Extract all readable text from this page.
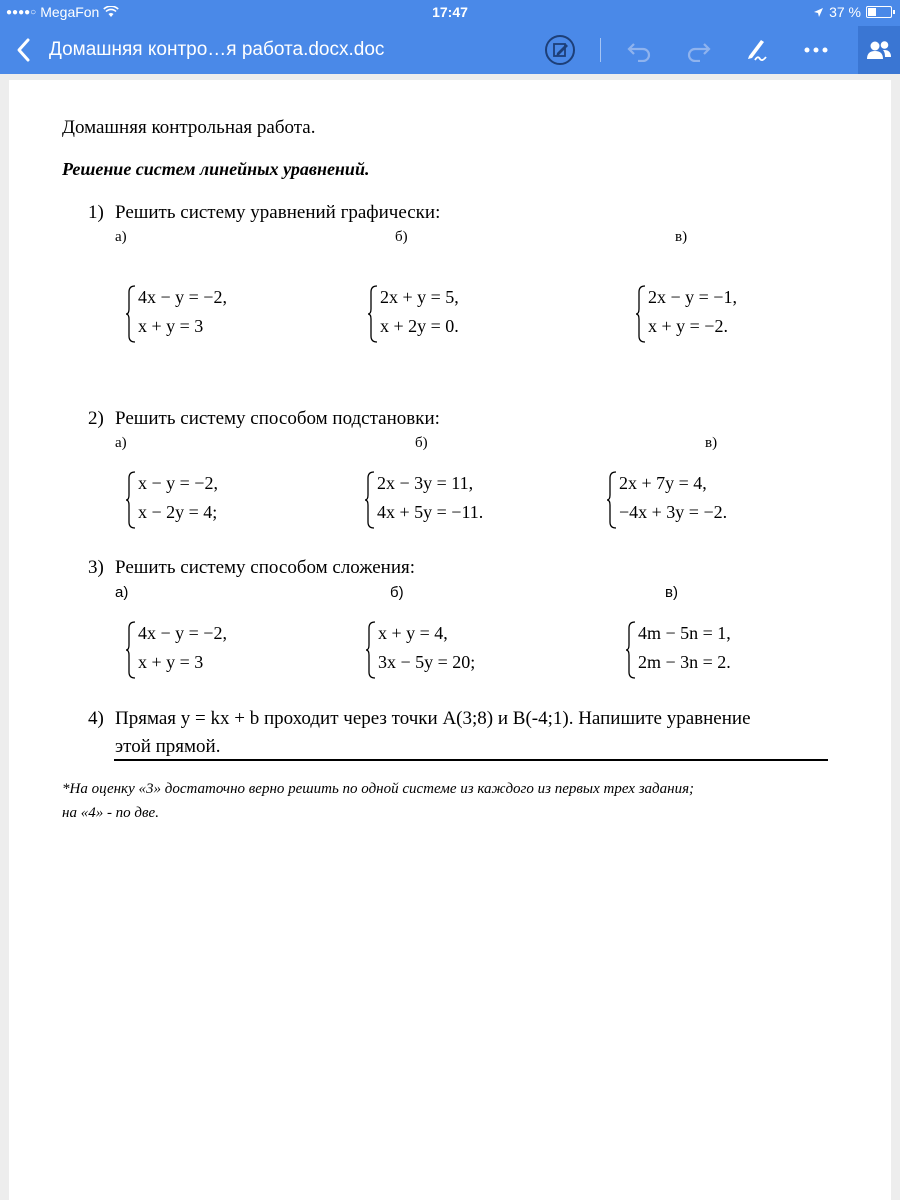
●●●●○ MegaFon	17:47	37 %
Домашняя контро…я работа.docx.doc
Домашняя контрольная работа.
Решение систем линейных уравнений.
1) Решить систему уравнений графически:
а)	б)	в)
4x − y = −2,
x + y = 3
2x + y = 5,
x + 2y = 0.
2x − y = −1,
x + y = −2.
2) Решить систему способом подстановки:
а)	б)	в)
x − y = −2,
x − 2y = 4;
2x − 3y = 11,
4x + 5y = −11.
2x + 7y = 4,
−4x + 3y = −2.
3) Решить систему способом сложения:
а)	б)	в)
4x − y = −2,
x + y = 3
x + y = 4,
3x − 5y = 20;
4m − 5n = 1,
2m − 3n = 2.
4) Прямая y = kx + b проходит через точки A(3;8) и B(-4;1). Напишите уравнение
этой прямой.
*На оценку «3» достаточно верно решить по одной системе из каждого из первых трех задания;
на «4» - по две.
